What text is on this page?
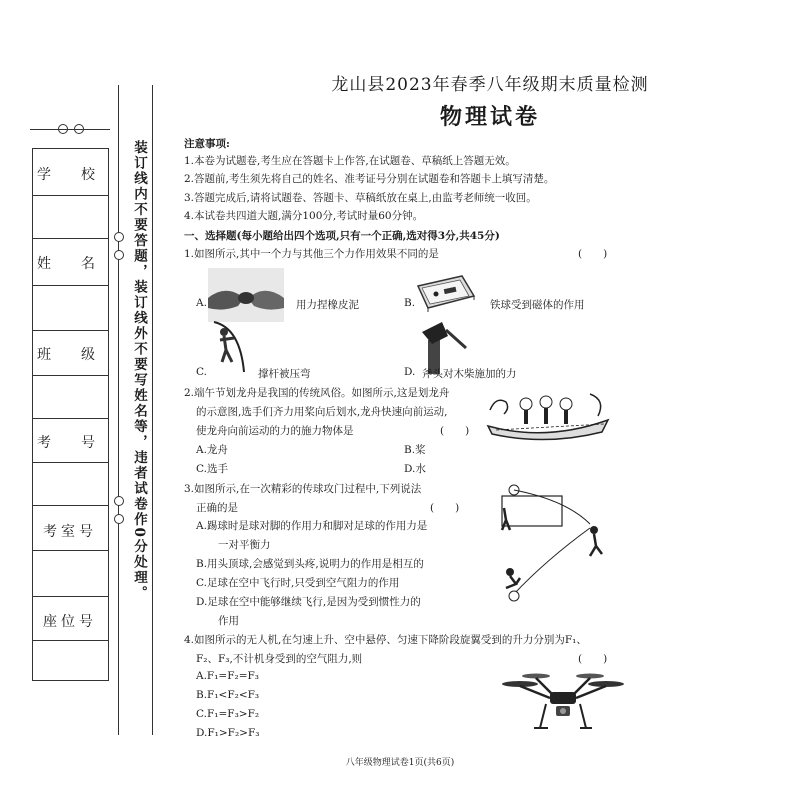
学　校
姓　名
班　级
考　号
考室号
座位号
装订线内不要答题，装订线外不要写姓名等，违者试卷作0分处理。
龙山县2023年春季八年级期末质量检测
物理试卷
注意事项:
1.本卷为试题卷,考生应在答题卡上作答,在试题卷、草稿纸上答题无效。
2.答题前,考生须先将自己的姓名、准考证号分别在试题卷和答题卡上填写清楚。
3.答题完成后,请将试题卷、答题卡、草稿纸放在桌上,由监考老师统一收回。
4.本试卷共四道大题,满分100分,考试时量60分钟。
一、选择题(每小题给出四个选项,只有一个正确,选对得3分,共45分)
1.如图所示,其中一个力与其他三个力作用效果不同的是	(　　)
A.	用力捏橡皮泥	B.	铁球受到磁体的作用
C.	撑杆被压弯	D. 斧头对木柴施加的力
2.端午节划龙舟是我国的传统风俗。如图所示,这是划龙舟
的示意图,选手们齐力用桨向后划水,龙舟快速向前运动,
使龙舟向前运动的力的施力物体是	(　　)
A.龙舟	B.桨
C.选手	D.水
3.如图所示,在一次精彩的传球攻门过程中,下列说法
正确的是	(　　)
A.踢球时是球对脚的作用力和脚对足球的作用力是
一对平衡力
B.用头顶球,会感觉到头疼,说明力的作用是相互的
C.足球在空中飞行时,只受到空气阻力的作用
D.足球在空中能够继续飞行,是因为受到惯性力的
作用
4.如图所示的无人机,在匀速上升、空中悬停、匀速下降阶段旋翼受到的升力分别为F₁、
F₂、F₃,不计机身受到的空气阻力,则	(　　)
A.F₁=F₂=F₃
B.F₁<F₂<F₃
C.F₁=F₃>F₂
D.F₁>F₂>F₃
八年级物理试卷1页(共6页)
